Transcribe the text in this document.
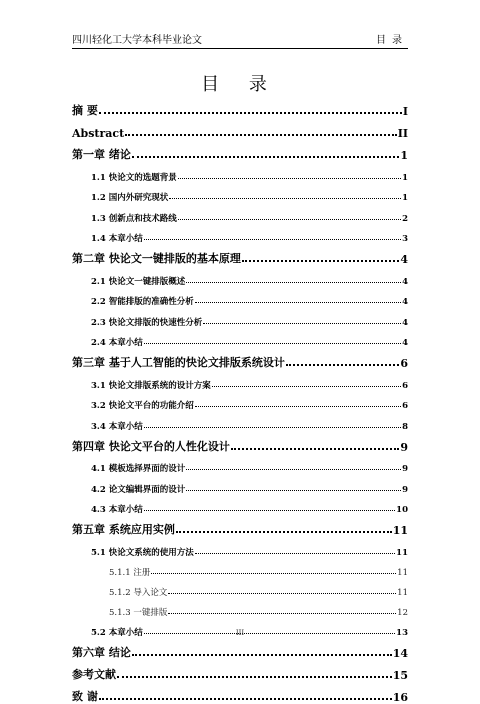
四川轻化工大学本科毕业论文	目录
目 录
摘 要	I
Abstract	II
第一章 绪论	1
1.1 快论文的选题背景	1
1.2 国内外研究现状	1
1.3 创新点和技术路线	2
1.4 本章小结	3
第二章 快论文一键排版的基本原理	4
2.1 快论文一键排版概述	4
2.2 智能排版的准确性分析	4
2.3 快论文排版的快速性分析	4
2.4 本章小结	4
第三章 基于人工智能的快论文排版系统设计	6
3.1 快论文排版系统的设计方案	6
3.2 快论文平台的功能介绍	6
3.4 本章小结	8
第四章 快论文平台的人性化设计	9
4.1 模板选择界面的设计	9
4.2 论文编辑界面的设计	9
4.3 本章小结	10
第五章 系统应用实例	11
5.1 快论文系统的使用方法	11
5.1.1 注册	11
5.1.2 导入论文	11
5.1.3 一键排版	12
5.2 本章小结	13
第六章 结论	14
参考文献	15
致 谢	16
III
